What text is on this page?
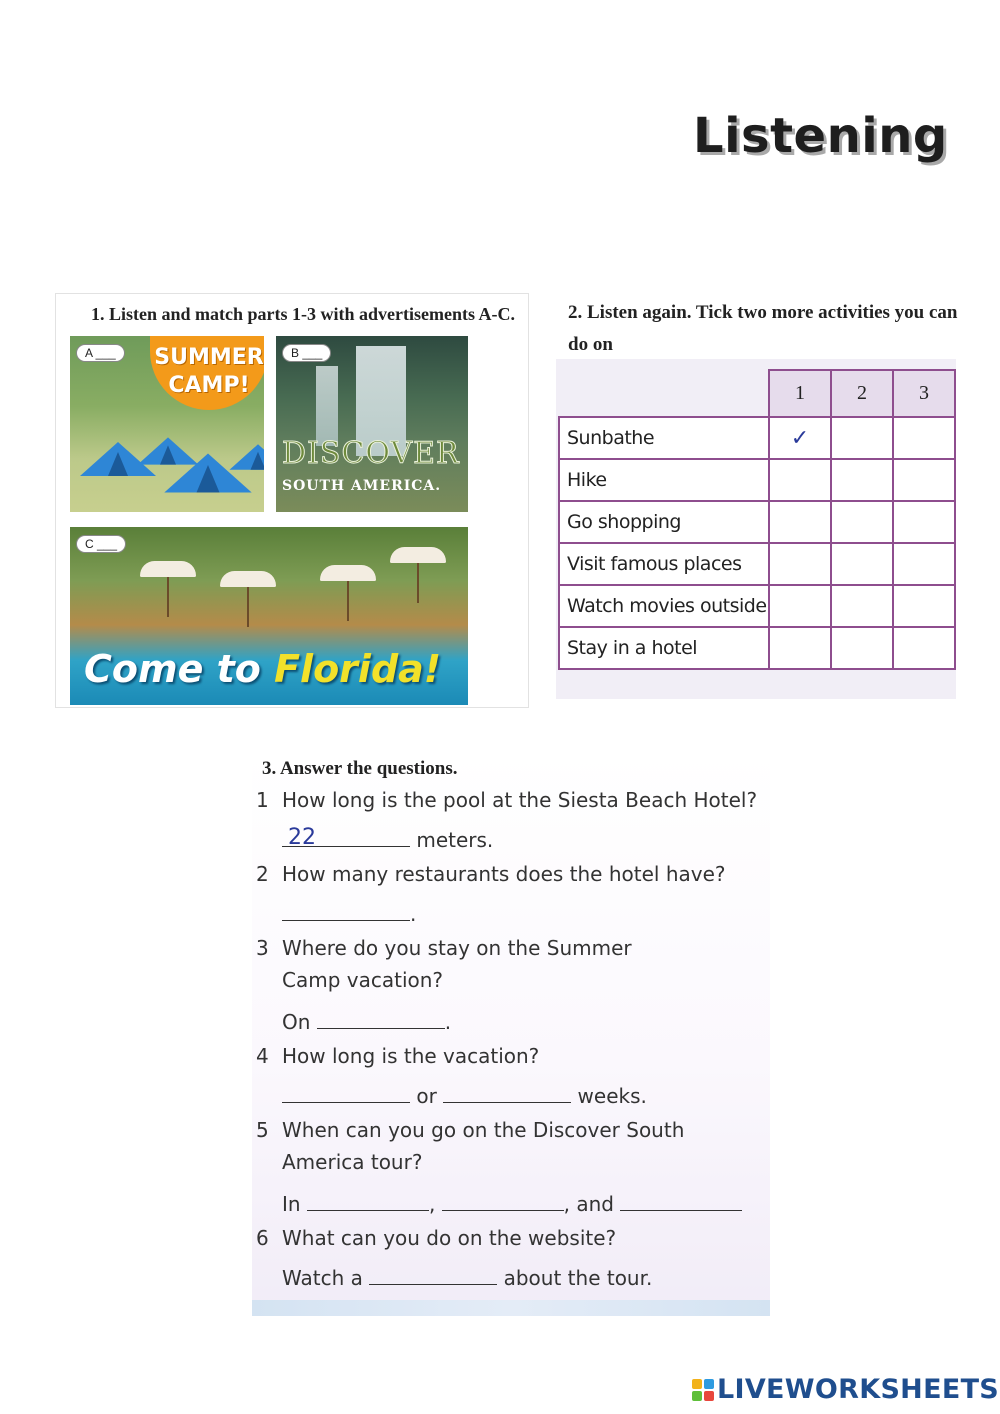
Listening
1. Listen and match parts 1-3 with advertisements A-C.
SUMMER
CAMP!
A ___
DISCOVER
SOUTH AMERICA.
B ___
Come to Florida!
C ___
2. Listen again. Tick two more activities you can do on
1	2	3
Sunbathe	✓		
Hike			
Go shopping			
Visit famous places			
Watch movies outside			
Stay in a hotel			
3. Answer the questions.
1 How long is the pool at the Siesta Beach Hotel?
22	meters.
2 How many restaurants does the hotel have?
.
3 Where do you stay on the Summer
Camp vacation?
On	.
4 How long is the vacation?
or	weeks.
5 When can you go on the Discover South
America tour?
In	,	, and
6 What can you do on the website?
Watch a	about the tour.
LIVEWORKSHEETS
